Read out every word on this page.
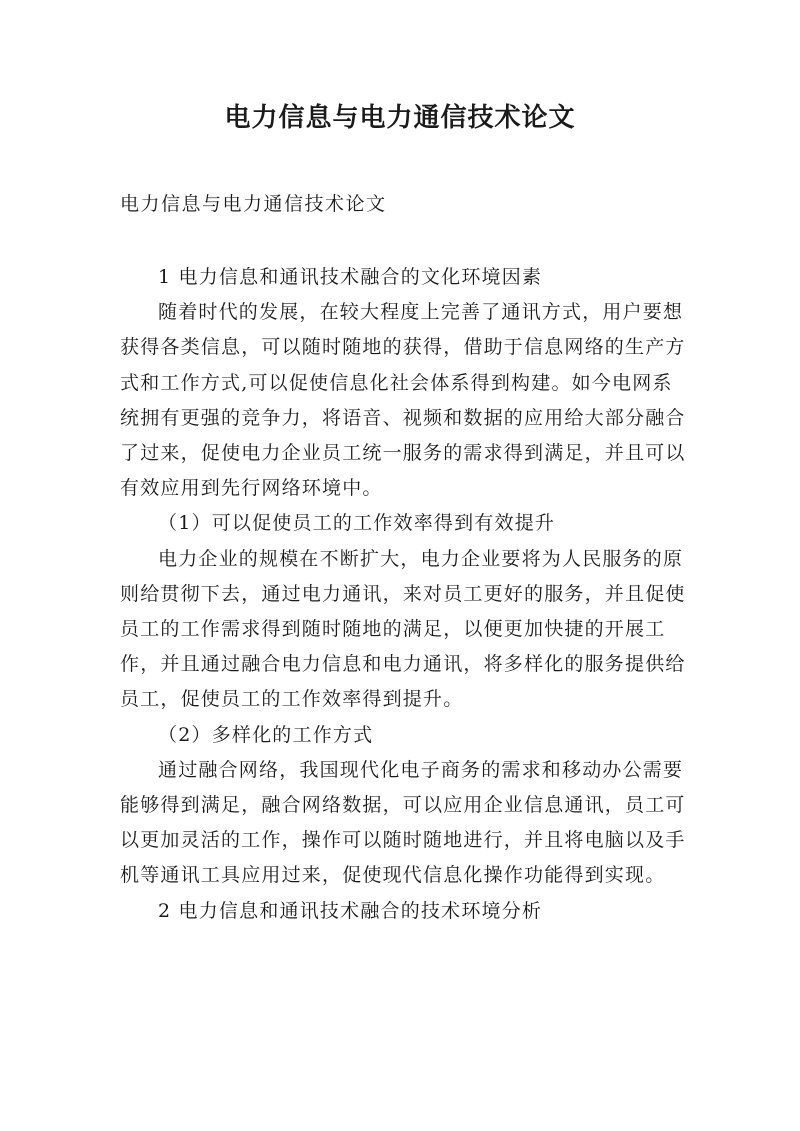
电力信息与电力通信技术论文
电力信息与电力通信技术论文

1 电力信息和通讯技术融合的文化环境因素

随着时代的发展，在较大程度上完善了通讯方式，用户要想获得各类信息，可以随时随地的获得，借助于信息网络的生产方式和工作方式,可以促使信息化社会体系得到构建。如今电网系统拥有更强的竞争力，将语音、视频和数据的应用给大部分融合了过来，促使电力企业员工统一服务的需求得到满足，并且可以有效应用到先行网络环境中。

（1）可以促使员工的工作效率得到有效提升

电力企业的规模在不断扩大，电力企业要将为人民服务的原则给贯彻下去，通过电力通讯，来对员工更好的服务，并且促使员工的工作需求得到随时随地的满足，以便更加快捷的开展工作，并且通过融合电力信息和电力通讯，将多样化的服务提供给员工，促使员工的工作效率得到提升。

（2）多样化的工作方式

通过融合网络，我国现代化电子商务的需求和移动办公需要能够得到满足，融合网络数据，可以应用企业信息通讯，员工可以更加灵活的工作，操作可以随时随地进行，并且将电脑以及手机等通讯工具应用过来，促使现代信息化操作功能得到实现。

2 电力信息和通讯技术融合的技术环境分析
